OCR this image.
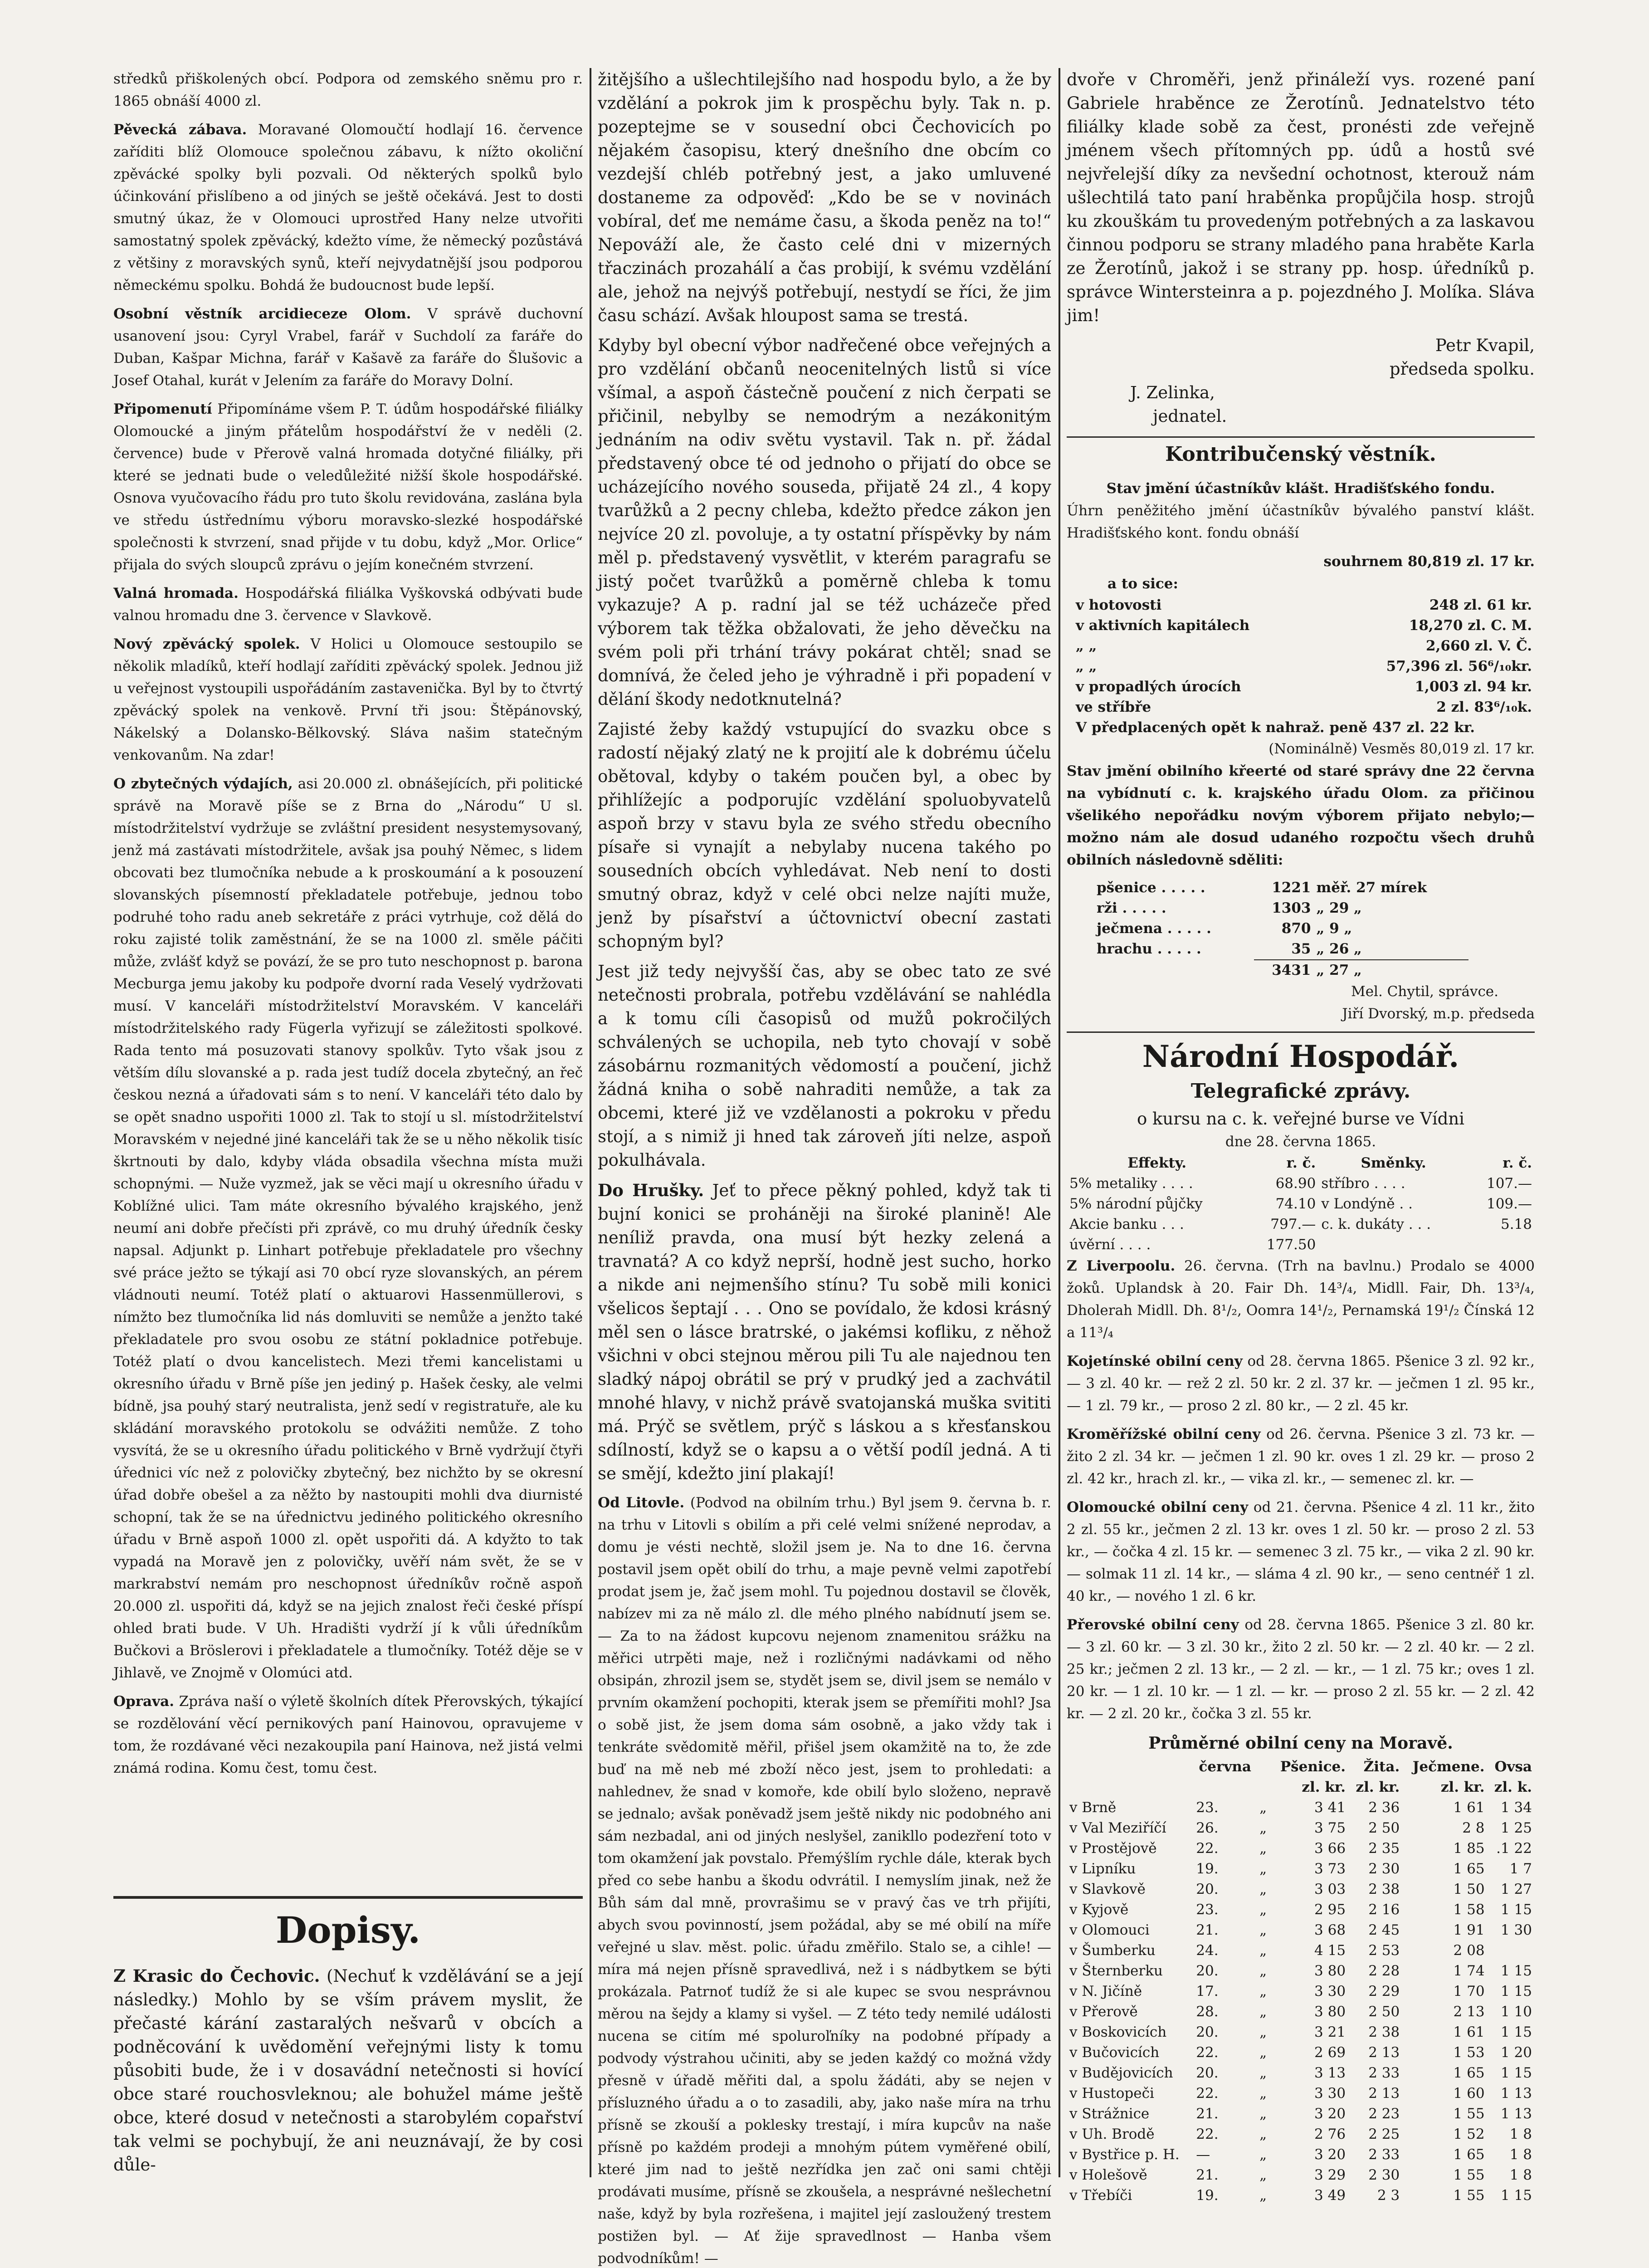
středků přiškolených obcí. Podpora od zemského sněmu pro r. 1865 obnáší 4000 zl.

Pěvecká zábava. Moravané Olomoučtí hodlají 16. července zaříditi blíž Olomouce společnou zábavu, k nížto okoliční zpěvácké spolky byli pozvali. Od některých spolků bylo účinkování přislíbeno a od jiných se ještě očekává. Jest to dosti smutný úkaz, že v Olomouci uprostřed Hany nelze utvořiti samostatný spolek zpěvácký, kdežto víme, že německý pozůstává z většiny z moravských synů, kteří nejvydatnější jsou podporou německému spolku. Bohdá že budoucnost bude lepší.

Osobní věstník arcidieceze Olom. V správě duchovní usanovení jsou: Cyryl Vrabel, farář v Suchdolí za faráře do Duban, Kašpar Michna, farář v Kašavě za faráře do Šlušovic a Josef Otahal, kurát v Jelením za faráře do Moravy Dolní.

Připomenutí Připomínáme všem P. T. údům hospodářské filiálky Olomoucké a jiným přátelům hospodářství že v neděli (2. července) bude v Přerově valná hromada dotyčné filiálky, při které se jednati bude o veledůležité nižší škole hospodářské. Osnova vyučovacího řádu pro tuto školu revidována, zaslána byla ve středu ústřednímu výboru moravsko-slezké hospodářské společnosti k stvrzení, snad přijde v tu dobu, když „Mor. Orlice“ přijala do svých sloupců zprávu o jejím konečném stvrzení.

Valná hromada. Hospodářská filiálka Vyškovská odbývati bude valnou hromadu dne 3. července v Slavkově.

Nový zpěvácký spolek. V Holici u Olomouce sestoupilo se několik mladíků, kteří hodlají zaříditi zpěvácký spolek. Jednou již u veřejnost vystoupili uspořádáním zastavenička. Byl by to čtvrtý zpěvácký spolek na venkově. První tři jsou: Štěpánovský, Nákelský a Dolansko-Bělkovský. Sláva našim statečným venkovanům. Na zdar!

O zbytečných výdajích, asi 20.000 zl. obnášejících, při politické správě na Moravě píše se z Brna do „Národu“ U sl. místodržitelství vydržuje se zvláštní president nesystemysovaný, jenž má zastávati místodržitele, avšak jsa pouhý Němec, s lidem obcovati bez tlumočníka nebude a k proskoumání a k posouzení slovanských písemností překladatele potřebuje, jednou tobo podruhé toho radu aneb sekretáře z práci vytrhuje, což dělá do roku zajisté tolik zaměstnání, že se na 1000 zl. směle páčiti může, zvlášť když se povází, že se pro tuto neschopnost p. barona Mecburga jemu jakoby ku podpoře dvorní rada Veselý vydržovati musí. V kanceláři místodržitelství Moravském. V kanceláři místodržitelského rady Fügerla vyřizují se záležitosti spolkové. Rada tento má posuzovati stanovy spolkův. Tyto však jsou z větším dílu slovanské a p. rada jest tudíž docela zbytečný, an řeč českou nezná a úřadovati sám s to není. V kanceláři této dalo by se opět snadno uspořiti 1000 zl. Tak to stojí u sl. místodržitelství Moravském v nejedné jiné kanceláři tak že se u něho několik tisíc škrtnouti by dalo, kdyby vláda obsadila všechna místa muži schopnými. — Nuže vyzmež, jak se věci mají u okresního úřadu v Koblížné ulici. Tam máte okresního bývalého krajského, jenž neumí ani dobře přečísti při zprávě, co mu druhý úředník česky napsal. Adjunkt p. Linhart potřebuje překladatele pro všechny své práce ježto se týkají asi 70 obcí ryze slovanských, an pérem vládnouti neumí. Totéž platí o aktuarovi Hassenmüllerovi, s nímžto bez tlumočníka lid nás domluviti se nemůže a jenžto také překladatele pro svou osobu ze státní pokladnice potřebuje. Totéž platí o dvou kancelistech. Mezi třemi kancelistami u okresního úřadu v Brně píše jen jediný p. Hašek česky, ale velmi bídně, jsa pouhý starý neutralista, jenž sedí v registratuře, ale ku skládání moravského protokolu se odvážiti nemůže. Z toho vysvítá, že se u okresního úřadu politického v Brně vydržují čtyři úřednici víc než z polovičky zbytečný, bez nichžto by se okresní úřad dobře obešel a za něžto by nastoupiti mohli dva diurnisté schopní, tak že se na úřednictvu jediného politického okresního úřadu v Brně aspoň 1000 zl. opět uspořiti dá. A kdyžto to tak vypadá na Moravě jen z polovičky, uvěří nám svět, že se v markrabství nemám pro neschopnost úředníkův ročně aspoň 20.000 zl. uspořiti dá, když se na jejich znalost řeči české příspí ohled brati bude. V Uh. Hradišti vydrží jí k vůli úředníkům Bučkovi a Bröslerovi i překladatele a tlumočníky. Totéž děje se v Jihlavě, ve Znojmě v Olomúci atd.

Oprava. Zpráva naší o výletě školních dítek Přerovských, týkající se rozdělování věcí pernikových paní Hainovou, opravujeme v tom, že rozdávané věci nezakoupila paní Hainova, než jistá velmi známá rodina. Komu čest, tomu čest.

Dopisy.

Z Krasic do Čechovic. (Nechuť k vzdělávání se a její následky.) Mohlo by se vším právem myslit, že přečasté kárání zastaralých nešvarů v obcích a podněcování k uvědomění veřejnými listy k tomu působiti bude, že i v dosavádní netečnosti si hovící obce staré rouchosvleknou; ale bohužel máme ještě obce, které dosud v netečnosti a starobylém copařství tak velmi se pochybují, že ani neuznávají, že by cosi důle-

žitějšího a ušlechtilejšího nad hospodu bylo, a že by vzdělání a pokrok jim k prospěchu byly. Tak n. p. pozeptejme se v sousední obci Čechovicích po nějakém časopisu, který dnešního dne obcím co vezdejší chléb potřebný jest, a jako umluvené dostaneme za odpověď: „Kdo be se v novinách vobíral, deť me nemáme času, a škoda peněz na to!“ Nepováží ale, že často celé dni v mizerných třaczinách prozahálí a čas probijí, k svému vzdělání ale, jehož na nejvýš potřebují, nestydí se říci, že jim času schází. Avšak hloupost sama se trestá.

Kdyby byl obecní výbor nadřečené obce veřejných a pro vzdělání občanů neocenitelných listů si více všímal, a aspoň částečně poučení z nich čerpati se přičinil, nebylby se nemodrým a nezákonitým jednáním na odiv světu vystavil. Tak n. př. žádal představený obce té od jednoho o přijatí do obce se ucházejícího nového souseda, přijatě 24 zl., 4 kopy tvarůžků a 2 pecny chleba, kdežto předce zákon jen nejvíce 20 zl. povoluje, a ty ostatní příspěvky by nám měl p. představený vysvětlit, v kterém paragrafu se jistý počet tvarůžků a poměrně chleba k tomu vykazuje? A p. radní jal se též ucházeče před výborem tak těžka obžalovati, že jeho děvečku na svém poli při trhání trávy pokárat chtěl; snad se domnívá, že čeled jeho je výhradně i při popadení v dělání škody nedotknutelná?

Zajisté žeby každý vstupující do svazku obce s radostí nějaký zlatý ne k projití ale k dobrému účelu obětoval, kdyby o takém poučen byl, a obec by přihlížejíc a podporujíc vzdělání spoluobyvatelů aspoň brzy v stavu byla ze svého středu obecního písaře si vynajít a nebylaby nucena takého po sousedních obcích vyhledávat. Neb není to dosti smutný obraz, když v celé obci nelze najíti muže, jenž by písařství a účtovnictví obecní zastati schopným byl?

Jest již tedy nejvyšší čas, aby se obec tato ze své netečnosti probrala, potřebu vzdělávání se nahlédla a k tomu cíli časopisů od mužů pokročilých schválených se uchopila, neb tyto chovají v sobě zásobárnu rozmanitých vědomostí a poučení, jichž žádná kniha o sobě nahraditi nemůže, a tak za obcemi, které již ve vzdělanosti a pokroku v předu stojí, a s nimiž ji hned tak zároveň jíti nelze, aspoň pokulhávala.

Do Hrušky. Jeť to přece pěkný pohled, když tak ti bujní konici se proháněji na široké planině! Ale neníliž pravda, ona musí být hezky zelená a travnatá? A co když neprší, hodně jest sucho, horko a nikde ani nejmenšího stínu? Tu sobě mili konici všelicos šeptají . . . Ono se povídalo, že kdosi krásný měl sen o lásce bratrské, o jakémsi kofliku, z něhož všichni v obci stejnou měrou pili Tu ale najednou ten sladký nápoj obrátil se prý v prudký jed a zachvátil mnohé hlavy, v nichž právě svatojanská muška svititi má. Prýč se světlem, prýč s láskou a s křesťanskou sdílností, když se o kapsu a o větší podíl jedná. A ti se smějí, kdežto jiní plakají!

Od Litovle. (Podvod na obilním trhu.) Byl jsem 9. června b. r. na trhu v Litovli s obilím a při celé velmi snížené neprodav, a domu je vésti nechtě, složil jsem je. Na to dne 16. června postavil jsem opět obilí do trhu, a maje pevně velmi zapotřebí prodat jsem je, žač jsem mohl. Tu pojednou dostavil se člověk, nabízev mi za ně málo zl. dle mého plného nabídnutí jsem se. — Za to na žádost kupcovu nejenom znamenitou srážku na měřici utrpěti maje, než i rozličnými nadávkami od něho obsipán, zhrozil jsem se, stydět jsem se, divil jsem se nemálo v prvním okamžení pochopiti, kterak jsem se přemířiti mohl? Jsa o sobě jist, že jsem doma sám osobně, a jako vždy tak i tenkráte svědomitě měřil, přišel jsem okamžitě na to, že zde buď na mě neb mé zboží něco jest, jsem to prohledati: a nahlednev, že snad v komoře, kde obilí bylo složeno, nepravě se jednalo; avšak poněvadž jsem ještě nikdy nic podobného ani sám nezbadal, ani od jiných neslyšel, zanikllo podezření toto v tom okamžení jak povstalo. Přemýšlím rychle dále, kterak bych před co sebe hanbu a škodu odvrátil. I nemyslím jinak, než že Bůh sám dal mně, provrašimu se v pravý čas ve trh přijíti, abych svou povinností, jsem požádal, aby se mé obilí na míře veřejné u slav. měst. polic. úřadu změřilo. Stalo se, a cihle! — míra má nejen přísně spravedlivá, než i s nádbytkem se býti prokázala. Patrnoť tudíž že si ale kupec se svou nesprávnou měrou na šejdy a klamy si vyšel. — Z této tedy nemilé události nucena se citím mé spoluroľníky na podobné případy a podvody výstrahou učiniti, aby se jeden každý co možná vždy přesně v úřadě měřiti dal, a spolu žádáti, aby se nejen v přísluzného úřadu a o to zasadili, aby, jako naše míra na trhu přísně se zkouší a poklesky trestají, i míra kupcův na naše přísně po každém prodeji a mnohým pútem vyměřené obilí, které jim nad to ještě nezřídka jen zač oni sami chtěji prodávati musíme, přísně se zkoušela, a nesprávné nešlechetní naše, když by byla rozřešena, i majitel její zasloužený trestem postižen byl. — Ať žije spravedlnost — Hanba všem podvodníkům! —

dvoře v Chroměři, jenž přináleží vys. rozené paní Gabriele hraběnce ze Žerotínů. Jednatelstvo této filiálky klade sobě za čest, pronésti zde veřejně jménem všech přítomných pp. údů a hostů své nejvřelejší díky za nevšední ochotnost, kterouž nám ušlechtilá tato paní hraběnka propůjčila hosp. strojů ku zkouškám tu provedeným potřebných a za laskavou činnou podporu se strany mladého pana hraběte Karla ze Žerotínů, jakož i se strany pp. hosp. úředníků p. správce Wintersteinra a p. pojezdného J. Molíka. Sláva jim!

Petr Kvapil,
předseda spolku.
J. Zelinka,
jednatel.
Kontribučenský věstník.
Stav jmění účastníkův klášt. Hradišťského fondu.

Úhrn peněžitého jmění účastníkův bývalého panství klášt. Hradišťského kont. fondu obnáší

souhrnem 80,819 zl. 17 kr.
a to sice:
v hotovosti	248 zl. 61 kr.
v aktivních kapitálech	18,270 zl. C. M.
„ „	2,660 zl. V. Č.
„ „	57,396 zl. 56⁶/₁₀kr.
v propadlých úrocích	1,003 zl. 94 kr.
ve stříbře	2 zl. 83⁶/₁₀k.
V předplacených opět k nahraž. peně 437 zl. 22 kr.	
(Nominálně) Vesměs 80,019 zl. 17 kr.

Stav jmění obilního křeerté od staré správy dne 22 června na vybídnutí c. k. krajského úřadu Olom. za přičinou všelikého nepořádku novým výborem přijato nebylo;— možno nám ale dosud udaného rozpočtu všech druhů obilních následovně sděliti:

pšenice . . . . .	1221	měř. 27 mírek
rži . . . . .	1303	„ 29 „
ječmena . . . . .	870	„ 9 „
hrachu . . . . .	35	„ 26 „
	3431	„ 27 „
Mel. Chytil, správce.
Jiří Dvorský, m.p. předseda
Národní Hospodář.
Telegrafické zprávy.
o kursu na c. k. veřejné burse ve Vídni
dne 28. června 1865.
Effekty.	r. č.	Směnky.	r. č.
5% metaliky . . . .	68.90	stříbro . . . .	107.—
5% národní půjčky	74.10	v Londýně . .	109.—
Akcie banku . . .	797.—	c. k. dukáty . . .	5.18
úvěrní . . . .	177.50		

Z Liverpoolu. 26. června. (Trh na bavlnu.) Prodalo se 4000 žoků. Uplandsk à 20. Fair Dh. 14³/₄, Midll. Fair, Dh. 13³/₄, Dholerah Midll. Dh. 8¹/₂, Oomra 14¹/₂, Pernamská 19¹/₂ Čínská 12 a 11³/₄

Kojetínské obilní ceny od 28. června 1865. Pšenice 3 zl. 92 kr.,— 3 zl. 40 kr. — rež 2 zl. 50 kr. 2 zl. 37 kr. — ječmen 1 zl. 95 kr.,— 1 zl. 79 kr., — proso 2 zl. 80 kr., — 2 zl. 45 kr.

Kroměřížské obilní ceny od 26. června. Pšenice 3 zl. 73 kr. — žito 2 zl. 34 kr. — ječmen 1 zl. 90 kr. oves 1 zl. 29 kr. — proso 2 zl. 42 kr., hrach zl. kr., — vika zl. kr., — semenec zl. kr. —

Olomoucké obilní ceny od 21. června. Pšenice 4 zl. 11 kr., žito 2 zl. 55 kr., ječmen 2 zl. 13 kr. oves 1 zl. 50 kr. — proso 2 zl. 53 kr., — čočka 4 zl. 15 kr. — semenec 3 zl. 75 kr., — vika 2 zl. 90 kr. — solmak 11 zl. 14 kr., — slámа 4 zl. 90 kr., — seno centnéř 1 zl. 40 kr., — nového 1 zl. 6 kr.

Přerovské obilní ceny od 28. června 1865. Pšenice 3 zl. 80 kr. — 3 zl. 60 kr. — 3 zl. 30 kr., žito 2 zl. 50 kr. — 2 zl. 40 kr. — 2 zl. 25 kr.; ječmen 2 zl. 13 kr., — 2 zl. — kr., — 1 zl. 75 kr.; oves 1 zl. 20 kr. — 1 zl. 10 kr. — 1 zl. — kr. — proso 2 zl. 55 kr. — 2 zl. 42 kr. — 2 zl. 20 kr., čočka 3 zl. 55 kr.

Průměrné obilní ceny na Moravě.
	června		Pšenice.	Žita.	Ječmene.	Ovsa
			zl. kr.	zl. kr.	zl. kr.	zl. k.
v Brně	23.	„	3 41	2 36	1 61	1 34
v Val Meziříčí	26.	„	3 75	2 50	2 8	1 25
v Prostějově	22.	„	3 66	2 35	1 85	.1 22
v Lipníku	19.	„	3 73	2 30	1 65	1 7
v Slavkově	20.	„	3 03	2 38	1 50	1 27
v Kyjově	23.	„	2 95	2 16	1 58	1 15
v Olomouci	21.	„	3 68	2 45	1 91	1 30
v Šumberku	24.	„	4 15	2 53	2 08	
v Šternberku	20.	„	3 80	2 28	1 74	1 15
v N. Jičíně	17.	„	3 30	2 29	1 70	1 15
v Přerově	28.	„	3 80	2 50	2 13	1 10
v Boskovicích	20.	„	3 21	2 38	1 61	1 15
v Bučovicích	22.	„	2 69	2 13	1 53	1 20
v Budějovicích	20.	„	3 13	2 33	1 65	1 15
v Hustopeči	22.	„	3 30	2 13	1 60	1 13
v Strážnice	21.	„	3 20	2 23	1 55	1 13
v Uh. Brodě	22.	„	2 76	2 25	1 52	1 8
v Bystřice p. H.	—	„	3 20	2 33	1 65	1 8
v Holešově	21.	„	3 29	2 30	1 55	1 8
v Třebíči	19.	„	3 49	2 3	1 55	1 15
